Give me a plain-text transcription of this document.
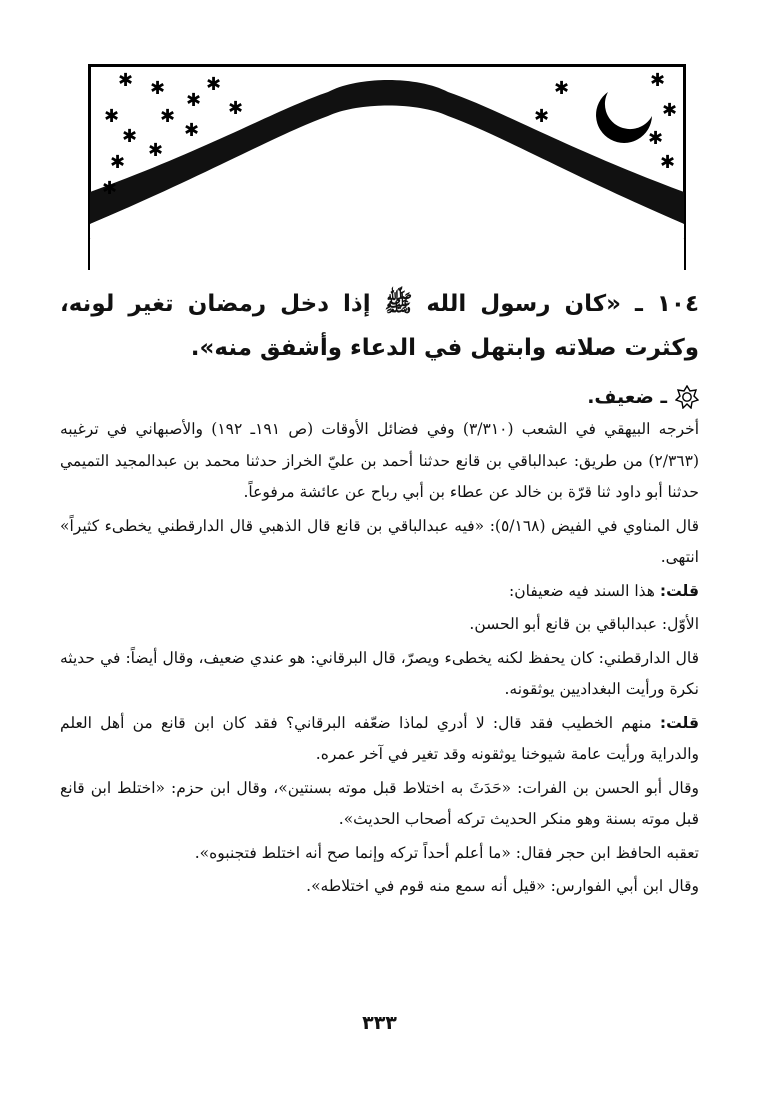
✱ ✱
✱ ✱
✱
✱
✱
✱
✱
✱
✱
✱
✱
✱
✱
✱
✱
✱

١٠٤ ـ «كان رسول الله ﷺ إذا دخل رمضان تغير لونه، وكثرت صلاته وابتهل في الدعاء وأشفق منه».

ـ ضعيف.

أخرجه البيهقي في الشعب (٣/٣١٠) وفي فضائل الأوقات (ص ١٩١ـ ١٩٢) والأصبهاني في ترغيبه (٢/٣٦٣) من طريق: عبدالباقي بن قانع حدثنا أحمد بن عليّ الخراز حدثنا محمد بن عبدالمجيد التميمي حدثنا أبو داود ثنا قرّة بن خالد عن عطاء بن أبي رباح عن عائشة مرفوعاً.

قال المناوي في الفيض (٥/١٦٨): «فيه عبدالباقي بن قانع قال الذهبي قال الدارقطني يخطىء كثيراً» انتهى.

قلت: هذا السند فيه ضعيفان:

الأوّل: عبدالباقي بن قانع أبو الحسن.

قال الدارقطني: كان يحفظ لكنه يخطىء ويصرّ، قال البرقاني: هو عندي ضعيف، وقال أيضاً: في حديثه نكرة ورأيت البغداديين يوثقونه.

قلت: منهم الخطيب فقد قال: لا أدري لماذا ضعّفه البرقاني؟ فقد كان ابن قانع من أهل العلم والدراية ورأيت عامة شيوخنا يوثقونه وقد تغير في آخر عمره.

وقال أبو الحسن بن الفرات: «حَدَثَ به اختلاط قبل موته بسنتين»، وقال ابن حزم: «اختلط ابن قانع قبل موته بسنة وهو منكر الحديث تركه أصحاب الحديث».

تعقبه الحافظ ابن حجر فقال: «ما أعلم أحداً تركه وإنما صح أنه اختلط فتجنبوه».

وقال ابن أبي الفوارس: «قيل أنه سمع منه قوم في اختلاطه».

٣٣٣
